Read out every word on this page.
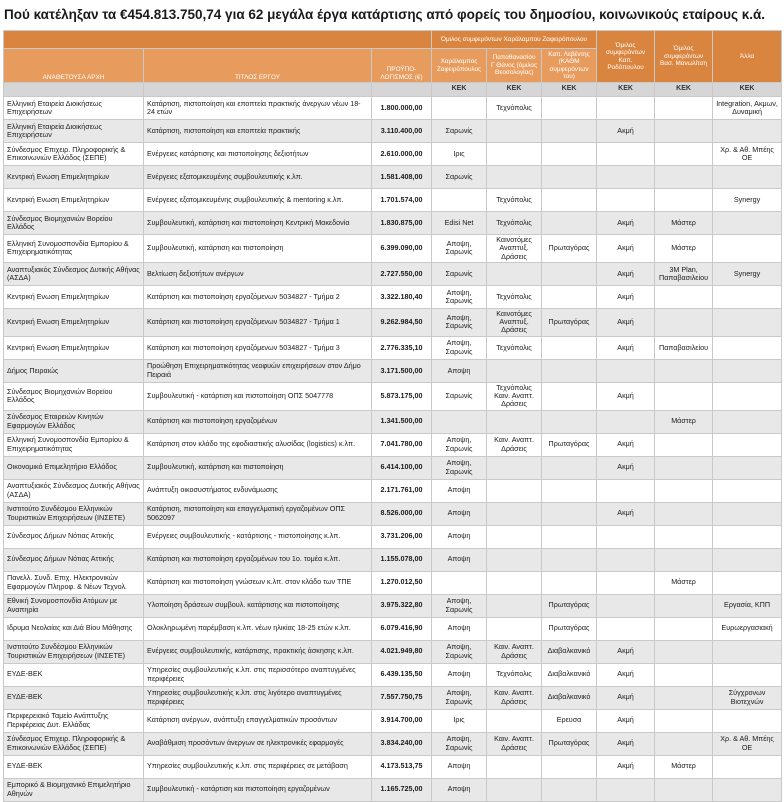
Πού κατέληξαν τα €454.813.750,74 για 62 μεγάλα έργα κατάρτισης από φορείς του δημοσίου, κοινωνικούς εταίρους κ.ά.
			Όμιλος συμφερόντων Χαράλαμπου Ζαφειρόπουλου			Όμιλος συμφερόντων Καπ. Ροδόπουλου	Όμιλος συμφερόντων Βασ. Μανωλίτση	Άλλα
ΑΝΑΘΕΤΟΥΣΑ ΑΡΧΗ	ΤΙΤΛΟΣ ΕΡΓΟΥ	ΠΡΟΫΠΟ-ΛΟΓΙΣΜΟΣ (€)	Χαράλαμπος Ζαφειρόπουλος	Παπαθανασίου Γ Θάνος (όμιλος Θεοσολογίας)	Καπ. Λεβέντης (ΚΑΘΜ συμφερόντων του)			
			ΚΕΚ	ΚΕΚ	ΚΕΚ	ΚΕΚ	ΚΕΚ	ΚΕΚ
Ελληνική Εταιρεία Διοικήσεως Επιχειρήσεων	Κατάρτιση, πιστοποίηση και εποπτεία πρακτικής άνεργων νέων 18-24 ετών	1.800.000,00		Τεχνόπολις				Integration, Ακμων, Δυναμική
Ελληνική Εταιρεία Διοικήσεως Επιχειρήσεων	Κατάρτιση, πιστοποίηση και εποπτεία πρακτικής	3.110.400,00	Σαρωνίς			Ακμή		
Σύνδεσμος Επιχειρ. Πληροφορικής & Επικοινωνιών Ελλάδος (ΣΕΠΕ)	Ενέργειες κατάρτισης και πιστοποίησης δεξιοτήτων	2.610.000,00	Ιρις					Χρ. & Αθ. Μπέης ΟΕ
Κεντρική Ενωση Επιμελητηρίων	Ενέργειες εξατομικευμένης συμβουλευτικής κ.λπ.	1.581.408,00	Σαρωνίς					
Κεντρική Ενωση Επιμελητηρίων	Ενέργειες εξατομικευμένης συμβουλευτικής & mentoring κ.λπ.	1.701.574,00		Τεχνόπολις				Synergy
Σύνδεσμος Βιομηχανιών Βορείου Ελλάδος	Συμβουλευτική, κατάρτιση και πιστοποίηση Κεντρική Μακεδονία	1.830.875,00	Edisi Net	Τεχνόπολις		Ακμή	Μάστερ	
Ελληνική Συνομοσπονδία Εμπορίου & Επιχειρηματικότητας	Συμβουλευτική, κατάρτιση και πιστοποίηση	6.399.090,00	Αποψη, Σαρωνίς	Καινοτόμες Αναπτυξ. Δράσεις	Πρωταγόρας	Ακμή	Μάστερ	
Αναπτυξιακός Σύνδεσμος Δυτικής Αθήνας (ΑΣΔΑ)	Βελτίωση δεξιοτήτων ανέργων	2.727.550,00	Σαρωνίς			Ακμή	3M Plan, Παπαβασιλείου	Synergy
Κεντρική Ενωση Επιμελητηρίων	Κατάρτιση και πιστοποίηση εργαζόμενων 5034827 - Τμήμα 2	3.322.180,40	Αποψη, Σαρωνίς	Τεχνόπολις		Ακμή		
Κεντρική Ενωση Επιμελητηρίων	Κατάρτιση και πιστοποίηση εργαζόμενων 5034827 - Τμήμα 1	9.262.984,50	Αποψη, Σαρωνίς	Καινοτόμες Αναπτυξ. Δράσεις	Πρωταγόρας	Ακμή		
Κεντρική Ενωση Επιμελητηρίων	Κατάρτιση και πιστοποίηση εργαζόμενων 5034827 - Τμήμα 3	2.776.335,10	Αποψη, Σαρωνίς	Τεχνόπολις		Ακμή	Παπαβασιλείου	
Δήμος Πειραιώς	Προώθηση Επιχειρηματικότητας νεοφυών επιχειρήσεων στον Δήμο Πειραιά	3.171.500,00	Αποψη					
Σύνδεσμος Βιομηχανιών Βορείου Ελλάδος	Συμβουλευτική - κατάρτιση και πιστοποίηση ΟΠΣ 5047778	5.873.175,00	Σαρωνίς	Τεχνόπολις Καιν. Αναπτ. Δράσεις		Ακμή		
Σύνδεσμος Εταιρειών Κινητών Εφαρμογών Ελλάδος	Κατάρτιση και πιστοποίηση εργαζομένων	1.341.500,00					Μάστερ	
Ελληνική Συνομοσπονδία Εμπορίου & Επιχειρηματικότητας	Κατάρτιση στον κλάδο της εφοδιαστικής αλυσίδας (logistics) κ.λπ.	7.041.780,00	Αποψη, Σαρωνίς	Καιν. Αναπτ. Δράσεις	Πρωταγόρας	Ακμή		
Οικονομικό Επιμελητήριο Ελλάδος	Συμβουλευτική, κατάρτιση και πιστοποίηση	6.414.100,00	Αποψη, Σαρωνίς			Ακμή		
Αναπτυξιακός Σύνδεσμος Δυτικής Αθήνας (ΑΣΔΑ)	Ανάπτυξη οικοσυστήματος ενδυνάμωσης	2.171.761,00	Αποψη					
Ινστιτούτο Συνδέσμου Ελληνικών Τουριστικών Επιχειρήσεων (ΙΝΣΕΤΕ)	Κατάρτιση, πιστοποίηση και επαγγελματική εργαζομένων ΟΠΣ 5062097	8.526.000,00	Αποψη			Ακμή		
Σύνδεσμος Δήμων Νότιας Αττικής	Ενέργειες συμβουλευτικής - κατάρτισης - πιστοποίησης κ.λπ.	3.731.206,00	Αποψη					
Σύνδεσμος Δήμων Νότιας Αττικής	Κατάρτιση και πιστοποίηση εργαζομένων του 1ο. τομέα κ.λπ.	1.155.078,00	Αποψη					
Πανελλ. Συνδ. Επιχ. Ηλεκτρονικών Εφαρμογών Πληροφ. & Νέων Τεχνολ.	Κατάρτιση και πιστοποίηση γνώσεων κ.λπ. στον κλάδο των ΤΠΕ	1.270.012,50					Μάστερ	
Εθνική Συνομοσπονδία Ατόμων με Αναπηρία	Υλοποίηση δράσεων συμβουλ. κατάρτισης και πιστοποίησης	3.975.322,80	Αποψη, Σαρωνίς		Πρωταγόρας			Εργασία, ΚΠΠ
Ιδρυμα Νεολαίας και Διά Βίου Μάθησης	Ολοκληρωμένη παρέμβαση κ.λπ. νέων ηλικίας 18-25 ετών κ.λπ.	6.079.416,90	Αποψη		Πρωταγόρας			Ευρωεργασιακή
Ινστιτούτο Συνδέσμου Ελληνικών Τουριστικών Επιχειρήσεων (ΙΝΣΕΤΕ)	Ενέργειες συμβουλευτικής, κατάρτισης, πρακτικής άσκησης κ.λπ.	4.021.949,80	Αποψη, Σαρωνίς	Καιν. Αναπτ. Δράσεις	Διαβαλκανικό	Ακμή		
ΕΥΔΕ-ΒΕΚ	Υπηρεσίες συμβουλευτικής κ.λπ. στις περισσότερο αναπτυγμένες περιφέρειες	6.439.135,50	Αποψη	Τεχνόπολις	Διαβαλκανικό	Ακμή		
ΕΥΔΕ-ΒΕΚ	Υπηρεσίες συμβουλευτικής κ.λπ. στις λιγότερο αναπτυγμένες περιφέρειες	7.557.750,75	Αποψη, Σαρωνίς	Καιν. Αναπτ. Δράσεις	Διαβαλκανικό	Ακμή		Σύγχρονων Βιοτεχνών
Περιφερειακό Ταμείο Ανάπτυξης Περιφέρειας Δυτ. Ελλάδας	Κατάρτιση ανέργων, ανάπτυξη επαγγελματικών προσόντων	3.914.700,00	Ιρις		Ερευσα	Ακμή		
Σύνδεσμος Επιχειρ. Πληροφορικής & Επικοινωνιών Ελλάδος (ΣΕΠΕ)	Αναβάθμιση προσόντων άνεργων σε ηλεκτρονικές εφαρμογές	3.834.240,00	Αποψη, Σαρωνίς	Καιν. Αναπτ. Δράσεις	Πρωταγόρας	Ακμή		Χρ. & Αθ. Μπέης ΟΕ
ΕΥΔΕ-ΒΕΚ	Υπηρεσίες συμβουλευτικής κ.λπ. στις περιφέρειες σε μετάβαση	4.173.513,75	Αποψη			Ακμή	Μάστερ	
Εμπορικό & Βιομηχανικό Επιμελητήριο Αθηνών	Συμβουλευτική - κατάρτιση και πιστοποίηση εργαζομένων	1.165.725,00	Αποψη					
